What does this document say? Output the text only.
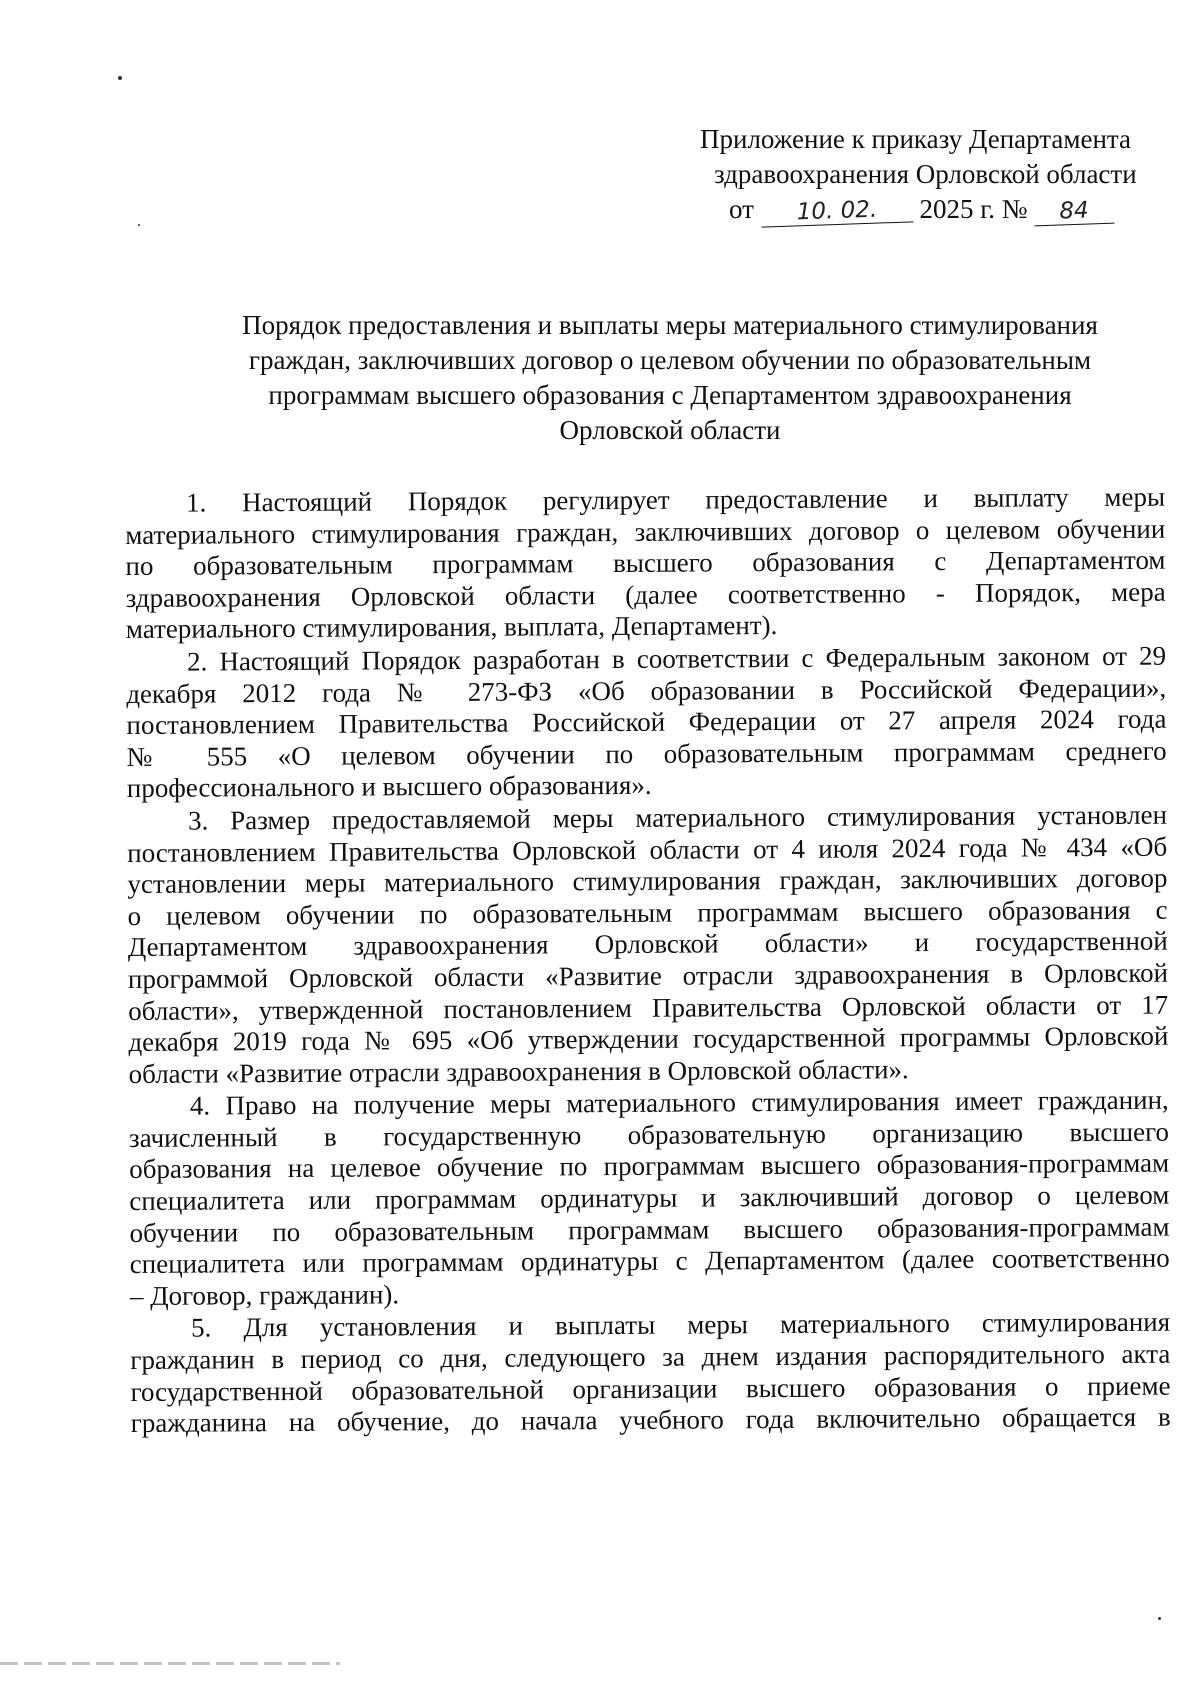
Приложение к приказу Департамента
здравоохранения Орловской области
от 10. 02. 2025 г. № 84
Порядок предоставления и выплаты меры материального стимулирования
граждан, заключивших договор о целевом обучении по образовательным
программам высшего образования с Департаментом здравоохранения
Орловской области
1. Настоящий Порядок регулирует предоставление и выплату меры
материального стимулирования граждан, заключивших договор о целевом обучении
по образовательным программам высшего образования с Департаментом
здравоохранения Орловской области (далее соответственно - Порядок, мера
материального стимулирования, выплата, Департамент).
2. Настоящий Порядок разработан в соответствии с Федеральным законом от 29
декабря 2012 года № 273-ФЗ «Об образовании в Российской Федерации»,
постановлением Правительства Российской Федерации от 27 апреля 2024 года
№ 555 «О целевом обучении по образовательным программам среднего
профессионального и высшего образования».
3. Размер предоставляемой меры материального стимулирования установлен
постановлением Правительства Орловской области от 4 июля 2024 года № 434 «Об
установлении меры материального стимулирования граждан, заключивших договор
о целевом обучении по образовательным программам высшего образования с
Департаментом здравоохранения Орловской области» и государственной
программой Орловской области «Развитие отрасли здравоохранения в Орловской
области», утвержденной постановлением Правительства Орловской области от 17
декабря 2019 года № 695 «Об утверждении государственной программы Орловской
области «Развитие отрасли здравоохранения в Орловской области».
4. Право на получение меры материального стимулирования имеет гражданин,
зачисленный в государственную образовательную организацию высшего
образования на целевое обучение по программам высшего образования-программам
специалитета или программам ординатуры и заключивший договор о целевом
обучении по образовательным программам высшего образования-программам
специалитета или программам ординатуры с Департаментом (далее соответственно
– Договор, гражданин).
5. Для установления и выплаты меры материального стимулирования
гражданин в период со дня, следующего за днем издания распорядительного акта
государственной образовательной организации высшего образования о приеме
гражданина на обучение, до начала учебного года включительно обращается в
